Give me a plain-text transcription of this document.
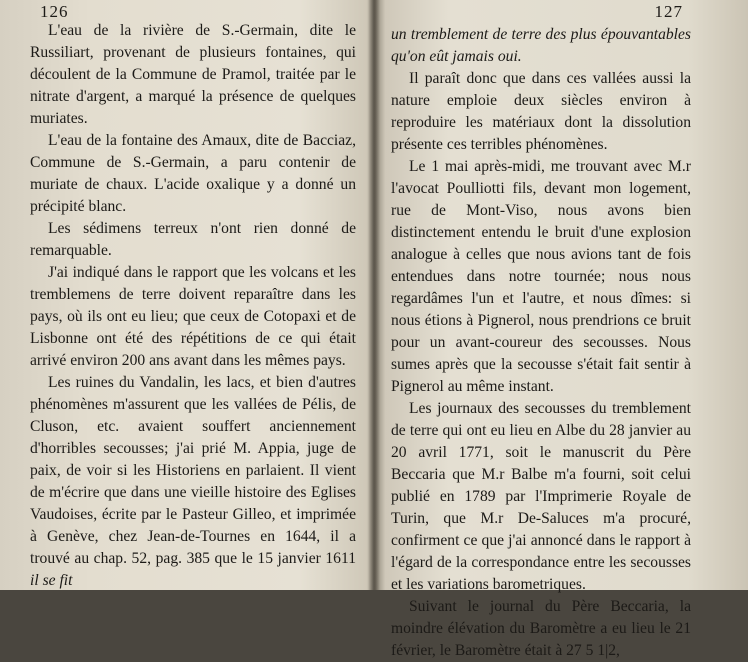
126

L'eau de la rivière de S.-Germain, dite le Russiliart, provenant de plusieurs fontaines, qui découlent de la Commune de Pramol, traitée par le nitrate d'argent, a marqué la présence de quelques muriates.

L'eau de la fontaine des Amaux, dite de Bacciaz, Commune de S.-Germain, a paru contenir de muriate de chaux. L'acide oxalique y a donné un précipité blanc.

Les sédimens terreux n'ont rien donné de remarquable.

J'ai indiqué dans le rapport que les volcans et les tremblemens de terre doivent reparaître dans les pays, où ils ont eu lieu; que ceux de Cotopaxi et de Lisbonne ont été des répétitions de ce qui était arrivé environ 200 ans avant dans les mêmes pays.

Les ruines du Vandalin, les lacs, et bien d'autres phénomènes m'assurent que les vallées de Pélis, de Cluson, etc. avaient souffert anciennement d'horribles secousses; j'ai prié M. Appia, juge de paix, de voir si les Historiens en parlaient. Il vient de m'écrire que dans une vieille histoire des Eglises Vaudoises, écrite par le Pasteur Gilleo, et imprimée à Genève, chez Jean-de-Tournes en 1644, il a trouvé au chap. 52, pag. 385 que le 15 janvier 1611 il se fit

127

un tremblement de terre des plus épouvantables qu'on eût jamais oui.

Il paraît donc que dans ces vallées aussi la nature emploie deux siècles environ à reproduire les matériaux dont la dissolution présente ces terribles phénomènes.

Le 1 mai après-midi, me trouvant avec M.r l'avocat Poulliotti fils, devant mon logement, rue de Mont-Viso, nous avons bien distinctement entendu le bruit d'une explosion analogue à celles que nous avions tant de fois entendues dans notre tournée; nous nous regardâmes l'un et l'autre, et nous dîmes: si nous étions à Pignerol, nous prendrions ce bruit pour un avant-coureur des secousses. Nous sumes après que la secousse s'était fait sentir à Pignerol au même instant.

Les journaux des secousses du tremblement de terre qui ont eu lieu en Albe du 28 janvier au 20 avril 1771, soit le manuscrit du Père Beccaria que M.r Balbe m'a fourni, soit celui publié en 1789 par l'Imprimerie Royale de Turin, que M.r De-Saluces m'a procuré, confirment ce que j'ai annoncé dans le rapport à l'égard de la correspondance entre les secousses et les variations barometriques.

Suivant le journal du Père Beccaria, la moindre élévation du Baromètre a eu lieu le 21 février, le Baromètre était à 27 5 1|2,
